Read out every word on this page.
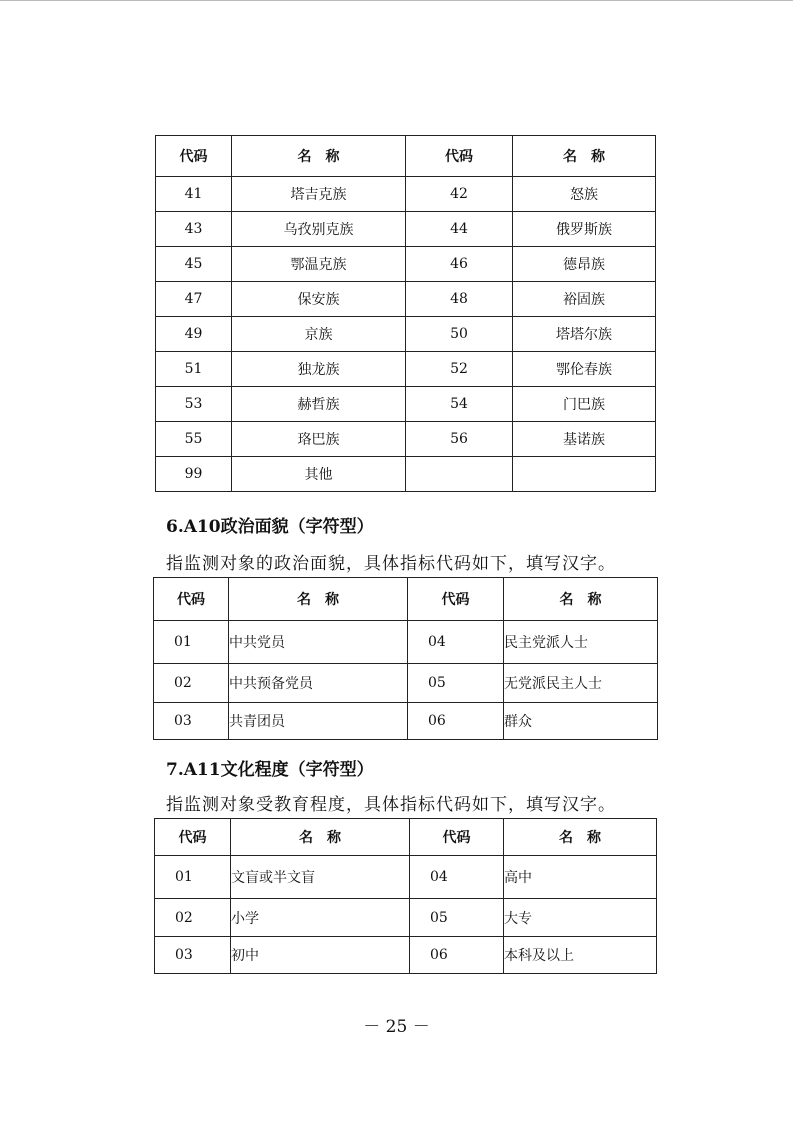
代码	名　称	代码	名　称
41	塔吉克族	42	怒族
43	乌孜别克族	44	俄罗斯族
45	鄂温克族	46	德昂族
47	保安族	48	裕固族
49	京族	50	塔塔尔族
51	独龙族	52	鄂伦春族
53	赫哲族	54	门巴族
55	珞巴族	56	基诺族
99	其他		
6.A10政治面貌（字符型）
指监测对象的政治面貌，具体指标代码如下，填写汉字。
代码	名　称	代码	名　称
01	中共党员	04	民主党派人士
02	中共预备党员	05	无党派民主人士
03	共青团员	06	群众
7.A11文化程度（字符型）
指监测对象受教育程度，具体指标代码如下，填写汉字。
代码	名　称	代码	名　称
01	文盲或半文盲	04	高中
02	小学	05	大专
03	初中	06	本科及以上
－ 25 －
